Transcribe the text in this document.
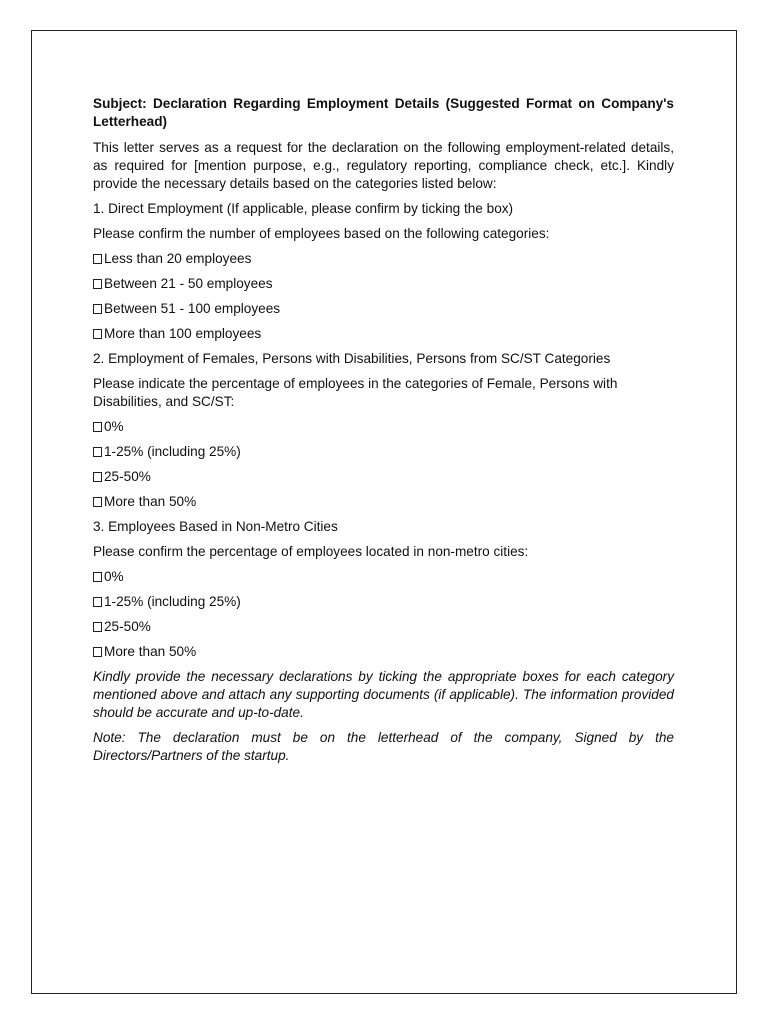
Subject: Declaration Regarding Employment Details (Suggested Format on Company's Letterhead)

This letter serves as a request for the declaration on the following employment-related details, as required for [mention purpose, e.g., regulatory reporting, compliance check, etc.]. Kindly provide the necessary details based on the categories listed below:

1. Direct Employment (If applicable, please confirm by ticking the box)

Please confirm the number of employees based on the following categories:

Less than 20 employees
Between 21 - 50 employees
Between 51 - 100 employees
More than 100 employees

2. Employment of Females, Persons with Disabilities, Persons from SC/ST Categories

Please indicate the percentage of employees in the categories of Female, Persons with Disabilities, and SC/ST:

0%
1-25% (including 25%)
25-50%
More than 50%

3. Employees Based in Non-Metro Cities

Please confirm the percentage of employees located in non-metro cities:

0%
1-25% (including 25%)
25-50%
More than 50%

Kindly provide the necessary declarations by ticking the appropriate boxes for each category mentioned above and attach any supporting documents (if applicable). The information provided should be accurate and up-to-date.

Note: The declaration must be on the letterhead of the company, Signed by the Directors/Partners of the startup.
